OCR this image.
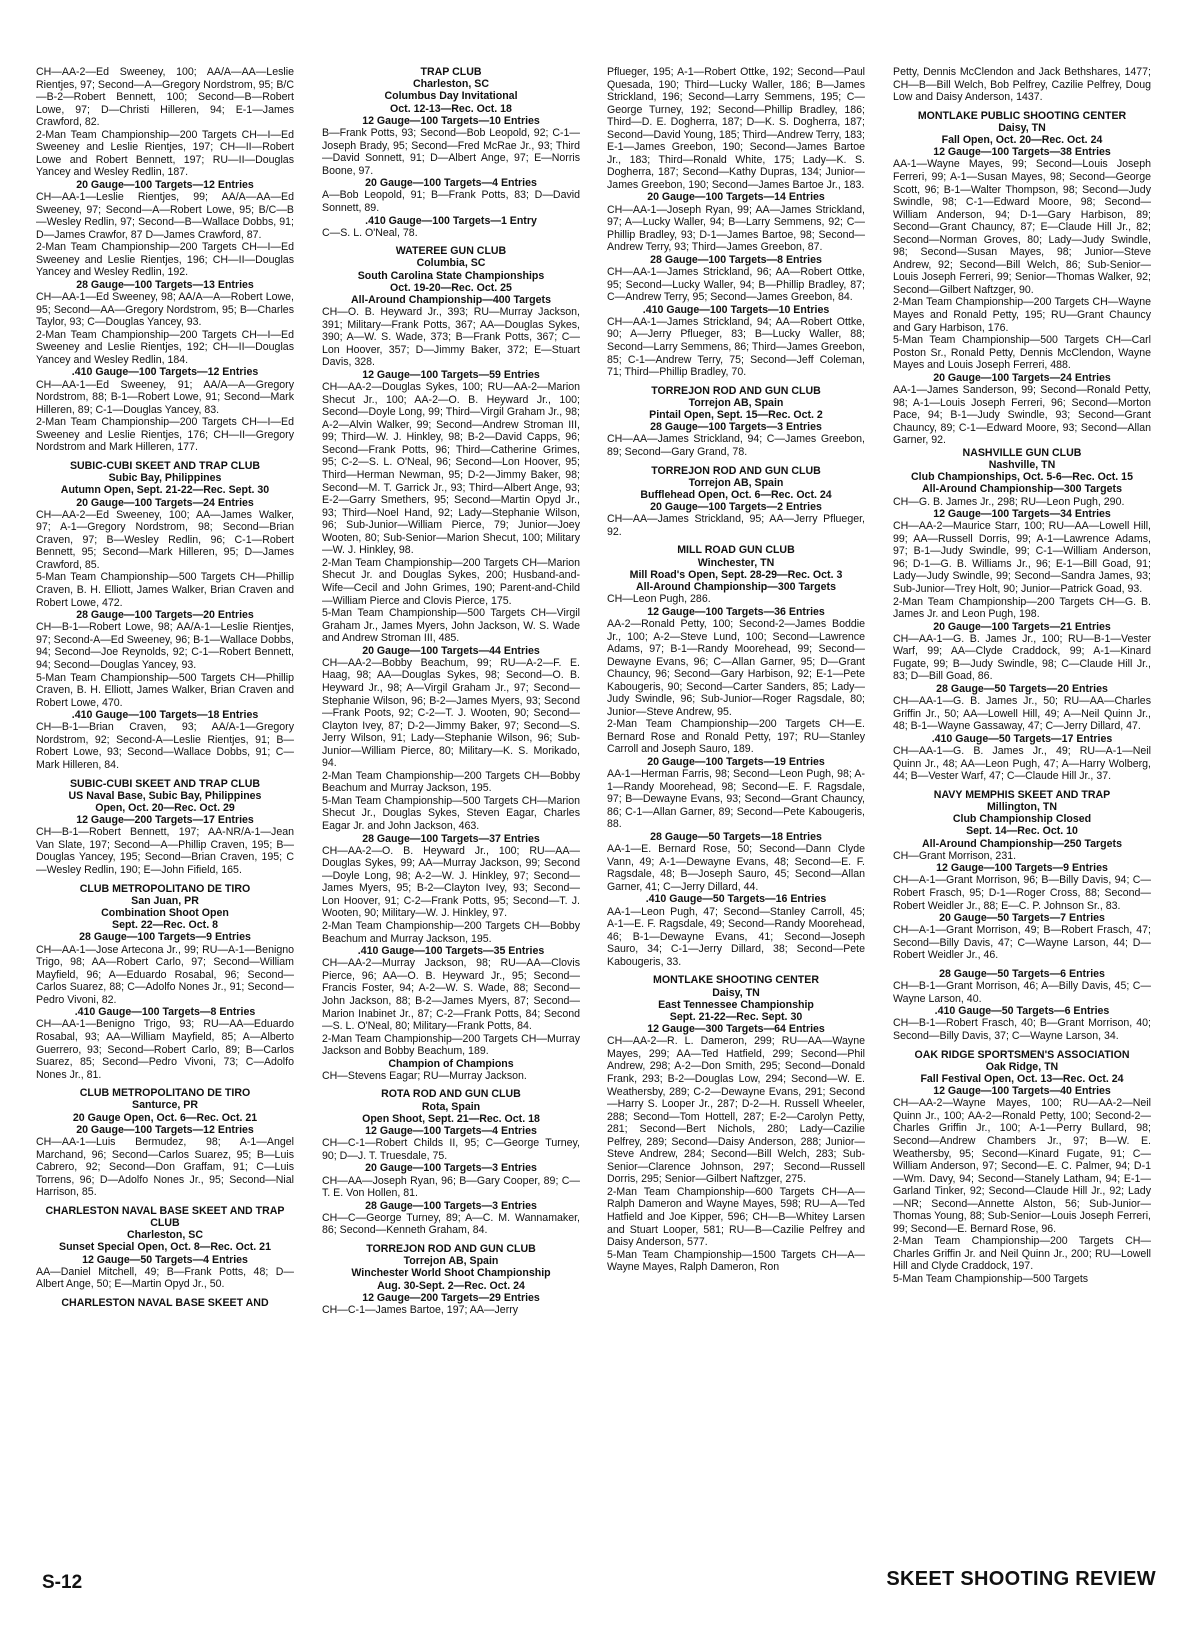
CH—AA-2—Ed Sweeney, 100; AA/A—AA—Leslie Rientjes, 97; Second—A—Gregory Nordstrom, 95; B/C—B-2—Robert Bennett, 100; Second—B—Robert Lowe, 97; D—Christi Hilleren, 94; E-1—James Crawford, 82.

2-Man Team Championship—200 Targets CH—I—Ed Sweeney and Leslie Rientjes, 197; CH—II—Robert Lowe and Robert Bennett, 197; RU—II—Douglas Yancey and Wesley Redlin, 187.

20 Gauge—100 Targets—12 Entries

CH—AA-1—Leslie Rientjes, 99; AA/A—AA—Ed Sweeney, 97; Second—A—Robert Lowe, 95; B/C—B—Wesley Redlin, 97; Second—B—Wallace Dobbs, 91; D—James Crawfor, 87 D—James Crawford, 87.

2-Man Team Championship—200 Targets CH—I—Ed Sweeney and Leslie Rientjes, 196; CH—II—Douglas Yancey and Wesley Redlin, 192.

28 Gauge—100 Targets—13 Entries

CH—AA-1—Ed Sweeney, 98; AA/A—A—Robert Lowe, 95; Second—AA—Gregory Nordstrom, 95; B—Charles Taylor, 93; C—Douglas Yancey, 93.

2-Man Team Championship—200 Targets CH—I—Ed Sweeney and Leslie Rientjes, 192; CH—II—Douglas Yancey and Wesley Redlin, 184.

.410 Gauge—100 Targets—12 Entries

CH—AA-1—Ed Sweeney, 91; AA/A—A—Gregory Nordstrom, 88; B-1—Robert Lowe, 91; Second—Mark Hilleren, 89; C-1—Douglas Yancey, 83.

2-Man Team Championship—200 Targets CH—I—Ed Sweeney and Leslie Rientjes, 176; CH—II—Gregory Nordstrom and Mark Hilleren, 177.

SUBIC-CUBI SKEET AND TRAP CLUB

Subic Bay, Philippines

Autumn Open, Sept. 21-22—Rec. Sept. 30

20 Gauge—100 Targets—24 Entries

CH—AA-2—Ed Sweeney, 100; AA—James Walker, 97; A-1—Gregory Nordstrom, 98; Second—Brian Craven, 97; B—Wesley Redlin, 96; C-1—Robert Bennett, 95; Second—Mark Hilleren, 95; D—James Crawford, 85.

5-Man Team Championship—500 Targets CH—Phillip Craven, B. H. Elliott, James Walker, Brian Craven and Robert Lowe, 472.

28 Gauge—100 Targets—20 Entries

CH—B-1—Robert Lowe, 98; AA/A-1—Leslie Rientjes, 97; Second-A—Ed Sweeney, 96; B-1—Wallace Dobbs, 94; Second—Joe Reynolds, 92; C-1—Robert Bennett, 94; Second—Douglas Yancey, 93.

5-Man Team Championship—500 Targets CH—Phillip Craven, B. H. Elliott, James Walker, Brian Craven and Robert Lowe, 470.

.410 Gauge—100 Targets—18 Entries

CH—B-1—Brian Craven, 93; AA/A-1—Gregory Nordstrom, 92; Second-A—Leslie Rientjes, 91; B—Robert Lowe, 93; Second—Wallace Dobbs, 91; C—Mark Hilleren, 84.

SUBIC-CUBI SKEET AND TRAP CLUB

US Naval Base, Subic Bay, Philippines

Open, Oct. 20—Rec. Oct. 29

12 Gauge—200 Targets—17 Entries

CH—B-1—Robert Bennett, 197; AA-NR/A-1—Jean Van Slate, 197; Second—A—Phillip Craven, 195; B—Douglas Yancey, 195; Second—Brian Craven, 195; C—Wesley Redlin, 190; E—John Fifield, 165.

CLUB METROPOLITANO DE TIRO

San Juan, PR

Combination Shoot Open

Sept. 22—Rec. Oct. 8

28 Gauge—100 Targets—9 Entries

CH—AA-1—Jose Artecona Jr., 99; RU—A-1—Benigno Trigo, 98; AA—Robert Carlo, 97; Second—William Mayfield, 96; A—Eduardo Rosabal, 96; Second—Carlos Suarez, 88; C—Adolfo Nones Jr., 91; Second—Pedro Vivoni, 82.

.410 Gauge—100 Targets—8 Entries

CH—AA-1—Benigno Trigo, 93; RU—AA—Eduardo Rosabal, 93; AA—William Mayfield, 85; A—Alberto Guerrero, 93; Second—Robert Carlo, 89; B—Carlos Suarez, 85; Second—Pedro Vivoni, 73; C—Adolfo Nones Jr., 81.

CLUB METROPOLITANO DE TIRO

Santurce, PR

20 Gauge Open, Oct. 6—Rec. Oct. 21

20 Gauge—100 Targets—12 Entries

CH—AA-1—Luis Bermudez, 98; A-1—Angel Marchand, 96; Second—Carlos Suarez, 95; B—Luis Cabrero, 92; Second—Don Graffam, 91; C—Luis Torrens, 96; D—Adolfo Nones Jr., 95; Second—Nial Harrison, 85.

CHARLESTON NAVAL BASE SKEET AND TRAP CLUB

Charleston, SC

Sunset Special Open, Oct. 8—Rec. Oct. 21

12 Gauge—50 Targets—4 Entries

AA—Daniel Mitchell, 49; B—Frank Potts, 48; D—Albert Ange, 50; E—Martin Opyd Jr., 50.

CHARLESTON NAVAL BASE SKEET AND

TRAP CLUB

Charleston, SC

Columbus Day Invitational

Oct. 12-13—Rec. Oct. 18

12 Gauge—100 Targets—10 Entries

B—Frank Potts, 93; Second—Bob Leopold, 92; C-1—Joseph Brady, 95; Second—Fred McRae Jr., 93; Third—David Sonnett, 91; D—Albert Ange, 97; E—Norris Boone, 97.

20 Gauge—100 Targets—4 Entries

A—Bob Leopold, 91; B—Frank Potts, 83; D—David Sonnett, 89.

.410 Gauge—100 Targets—1 Entry

C—S. L. O'Neal, 78.

WATEREE GUN CLUB

Columbia, SC

South Carolina State Championships

Oct. 19-20—Rec. Oct. 25

All-Around Championship—400 Targets

CH—O. B. Heyward Jr., 393; RU—Murray Jackson, 391; Military—Frank Potts, 367; AA—Douglas Sykes, 390; A—W. S. Wade, 373; B—Frank Potts, 367; C—Lon Hoover, 357; D—Jimmy Baker, 372; E—Stuart Davis, 328.

12 Gauge—100 Targets—59 Entries

CH—AA-2—Douglas Sykes, 100; RU—AA-2—Marion Shecut Jr., 100; AA-2—O. B. Heyward Jr., 100; Second—Doyle Long, 99; Third—Virgil Graham Jr., 98; A-2—Alvin Walker, 99; Second—Andrew Stroman III, 99; Third—W. J. Hinkley, 98; B-2—David Capps, 96; Second—Frank Potts, 96; Third—Catherine Grimes, 95; C-2—S. L. O'Neal, 96; Second—Lon Hoover, 95; Third—Herman Newman, 95; D-2—Jimmy Baker, 98; Second—M. T. Garrick Jr., 93; Third—Albert Ange, 93; E-2—Garry Smethers, 95; Second—Martin Opyd Jr., 93; Third—Noel Hand, 92; Lady—Stephanie Wilson, 96; Sub-Junior—William Pierce, 79; Junior—Joey Wooten, 80; Sub-Senior—Marion Shecut, 100; Military—W. J. Hinkley, 98.

2-Man Team Championship—200 Targets CH—Marion Shecut Jr. and Douglas Sykes, 200; Husband-and-Wife—Cecil and John Grimes, 190; Parent-and-Child—William Pierce and Clovis Pierce, 175.

5-Man Team Championship—500 Targets CH—Virgil Graham Jr., James Myers, John Jackson, W. S. Wade and Andrew Stroman III, 485.

20 Gauge—100 Targets—44 Entries

CH—AA-2—Bobby Beachum, 99; RU—A-2—F. E. Haag, 98; AA—Douglas Sykes, 98; Second—O. B. Heyward Jr., 98; A—Virgil Graham Jr., 97; Second—Stephanie Wilson, 96; B-2—James Myers, 93; Second—Frank Poots, 92; C-2—T. J. Wooten, 90; Second—Clayton Ivey, 87; D-2—Jimmy Baker, 97; Second—S. Jerry Wilson, 91; Lady—Stephanie Wilson, 96; Sub-Junior—William Pierce, 80; Military—K. S. Morikado, 94.

2-Man Team Championship—200 Targets CH—Bobby Beachum and Murray Jackson, 195.

5-Man Team Championship—500 Targets CH—Marion Shecut Jr., Douglas Sykes, Steven Eagar, Charles Eagar Jr. and John Jackson, 463.

28 Gauge—100 Targets—37 Entries

CH—AA-2—O. B. Heyward Jr., 100; RU—AA—Douglas Sykes, 99; AA—Murray Jackson, 99; Second—Doyle Long, 98; A-2—W. J. Hinkley, 97; Second—James Myers, 95; B-2—Clayton Ivey, 93; Second—Lon Hoover, 91; C-2—Frank Potts, 95; Second—T. J. Wooten, 90; Military—W. J. Hinkley, 97.

2-Man Team Championship—200 Targets CH—Bobby Beachum and Murray Jackson, 195.

.410 Gauge—100 Targets—35 Entries

CH—AA-2—Murray Jackson, 98; RU—AA—Clovis Pierce, 96; AA—O. B. Heyward Jr., 95; Second—Francis Foster, 94; A-2—W. S. Wade, 88; Second—John Jackson, 88; B-2—James Myers, 87; Second—Marion Inabinet Jr., 87; C-2—Frank Potts, 84; Second—S. L. O'Neal, 80; Military—Frank Potts, 84.

2-Man Team Championship—200 Targets CH—Murray Jackson and Bobby Beachum, 189.

Champion of Champions

CH—Stevens Eagar; RU—Murray Jackson.

ROTA ROD AND GUN CLUB

Rota, Spain

Open Shoot, Sept. 21—Rec. Oct. 18

12 Gauge—100 Targets—4 Entries

CH—C-1—Robert Childs II, 95; C—George Turney, 90; D—J. T. Truesdale, 75.

20 Gauge—100 Targets—3 Entries

CH—AA—Joseph Ryan, 96; B—Gary Cooper, 89; C—T. E. Von Hollen, 81.

28 Gauge—100 Targets—3 Entries

CH—C—George Turney, 89; A—C. M. Wannamaker, 86; Second—Kenneth Graham, 84.

TORREJON ROD AND GUN CLUB

Torrejon AB, Spain

Winchester World Shoot Championship

Aug. 30-Sept. 2—Rec. Oct. 24

12 Gauge—200 Targets—29 Entries

CH—C-1—James Bartoe, 197; AA—Jerry

Pflueger, 195; A-1—Robert Ottke, 192; Second—Paul Quesada, 190; Third—Lucky Waller, 186; B—James Strickland, 196; Second—Larry Semmens, 195; C—George Turney, 192; Second—Phillip Bradley, 186; Third—D. E. Dogherra, 187; D—K. S. Dogherra, 187; Second—David Young, 185; Third—Andrew Terry, 183; E-1—James Greebon, 190; Second—James Bartoe Jr., 183; Third—Ronald White, 175; Lady—K. S. Dogherra, 187; Second—Kathy Dupras, 134; Junior—James Greebon, 190; Second—James Bartoe Jr., 183.

20 Gauge—100 Targets—14 Entries

CH—AA-1—Joseph Ryan, 99; AA—James Strickland, 97; A—Lucky Waller, 94; B—Larry Semmens, 92; C—Phillip Bradley, 93; D-1—James Bartoe, 98; Second—Andrew Terry, 93; Third—James Greebon, 87.

28 Gauge—100 Targets—8 Entries

CH—AA-1—James Strickland, 96; AA—Robert Ottke, 95; Second—Lucky Waller, 94; B—Phillip Bradley, 87; C—Andrew Terry, 95; Second—James Greebon, 84.

.410 Gauge—100 Targets—10 Entries

CH—AA-1—James Strickland, 94; AA—Robert Ottke, 90; A—Jerry Pflueger, 83; B—Lucky Waller, 88; Second—Larry Semmens, 86; Third—James Greebon, 85; C-1—Andrew Terry, 75; Second—Jeff Coleman, 71; Third—Phillip Bradley, 70.

TORREJON ROD AND GUN CLUB

Torrejon AB, Spain

Pintail Open, Sept. 15—Rec. Oct. 2

28 Gauge—100 Targets—3 Entries

CH—AA—James Strickland, 94; C—James Greebon, 89; Second—Gary Grand, 78.

TORREJON ROD AND GUN CLUB

Torrejon AB, Spain

Bufflehead Open, Oct. 6—Rec. Oct. 24

20 Gauge—100 Targets—2 Entries

CH—AA—James Strickland, 95; AA—Jerry Pflueger, 92.

MILL ROAD GUN CLUB

Winchester, TN

Mill Road's Open, Sept. 28-29—Rec. Oct. 3

All-Around Championship—300 Targets

CH—Leon Pugh, 286.

12 Gauge—100 Targets—36 Entries

AA-2—Ronald Petty, 100; Second-2—James Boddie Jr., 100; A-2—Steve Lund, 100; Second—Lawrence Adams, 97; B-1—Randy Moorehead, 99; Second—Dewayne Evans, 96; C—Allan Garner, 95; D—Grant Chauncy, 96; Second—Gary Harbison, 92; E-1—Pete Kabougeris, 90; Second—Carter Sanders, 85; Lady—Judy Swindle, 96; Sub-Junior—Roger Ragsdale, 80; Junior—Steve Andrew, 95.

2-Man Team Championship—200 Targets CH—E. Bernard Rose and Ronald Petty, 197; RU—Stanley Carroll and Joseph Sauro, 189.

20 Gauge—100 Targets—19 Entries

AA-1—Herman Farris, 98; Second—Leon Pugh, 98; A-1—Randy Moorehead, 98; Second—E. F. Ragsdale, 97; B—Dewayne Evans, 93; Second—Grant Chauncy, 86; C-1—Allan Garner, 89; Second—Pete Kabougeris, 88.

28 Gauge—50 Targets—18 Entries

AA-1—E. Bernard Rose, 50; Second—Dann Clyde Vann, 49; A-1—Dewayne Evans, 48; Second—E. F. Ragsdale, 48; B—Joseph Sauro, 45; Second—Allan Garner, 41; C—Jerry Dillard, 44.

.410 Gauge—50 Targets—16 Entries

AA-1—Leon Pugh, 47; Second—Stanley Carroll, 45; A-1—E. F. Ragsdale, 49; Second—Randy Moorehead, 46; B-1—Dewayne Evans, 41; Second—Joseph Sauro, 34; C-1—Jerry Dillard, 38; Second—Pete Kabougeris, 33.

MONTLAKE SHOOTING CENTER

Daisy, TN

East Tennessee Championship

Sept. 21-22—Rec. Sept. 30

12 Gauge—300 Targets—64 Entries

CH—AA-2—R. L. Dameron, 299; RU—AA—Wayne Mayes, 299; AA—Ted Hatfield, 299; Second—Phil Andrew, 298; A-2—Don Smith, 295; Second—Donald Frank, 293; B-2—Douglas Low, 294; Second—W. E. Weathersby, 289; C-2—Dewayne Evans, 291; Second—Harry S. Looper Jr., 287; D-2—H. Russell Wheeler, 288; Second—Tom Hottell, 287; E-2—Carolyn Petty, 281; Second—Bert Nichols, 280; Lady—Cazilie Pelfrey, 289; Second—Daisy Anderson, 288; Junior—Steve Andrew, 284; Second—Bill Welch, 283; Sub-Senior—Clarence Johnson, 297; Second—Russell Dorris, 295; Senior—Gilbert Naftzger, 275.

2-Man Team Championship—600 Targets CH—A—Ralph Dameron and Wayne Mayes, 598; RU—A—Ted Hatfield and Joe Kipper, 596; CH—B—Whitey Larsen and Stuart Looper, 581; RU—B—Cazilie Pelfrey and Daisy Anderson, 577.

5-Man Team Championship—1500 Targets CH—A—Wayne Mayes, Ralph Dameron, Ron

Petty, Dennis McClendon and Jack Bethshares, 1477; CH—B—Bill Welch, Bob Pelfrey, Cazilie Pelfrey, Doug Low and Daisy Anderson, 1437.

MONTLAKE PUBLIC SHOOTING CENTER

Daisy, TN

Fall Open, Oct. 20—Rec. Oct. 24

12 Gauge—100 Targets—38 Entries

AA-1—Wayne Mayes, 99; Second—Louis Joseph Ferreri, 99; A-1—Susan Mayes, 98; Second—George Scott, 96; B-1—Walter Thompson, 98; Second—Judy Swindle, 98; C-1—Edward Moore, 98; Second—William Anderson, 94; D-1—Gary Harbison, 89; Second—Grant Chauncy, 87; E—Claude Hill Jr., 82; Second—Norman Groves, 80; Lady—Judy Swindle, 98; Second—Susan Mayes, 98; Junior—Steve Andrew, 92; Second—Bill Welch, 86; Sub-Senior—Louis Joseph Ferreri, 99; Senior—Thomas Walker, 92; Second—Gilbert Naftzger, 90.

2-Man Team Championship—200 Targets CH—Wayne Mayes and Ronald Petty, 195; RU—Grant Chauncy and Gary Harbison, 176.

5-Man Team Championship—500 Targets CH—Carl Poston Sr., Ronald Petty, Dennis McClendon, Wayne Mayes and Louis Joseph Ferreri, 488.

20 Gauge—100 Targets—24 Entries

AA-1—James Sanderson, 99; Second—Ronald Petty, 98; A-1—Louis Joseph Ferreri, 96; Second—Morton Pace, 94; B-1—Judy Swindle, 93; Second—Grant Chauncy, 89; C-1—Edward Moore, 93; Second—Allan Garner, 92.

NASHVILLE GUN CLUB

Nashville, TN

Club Championships, Oct. 5-6—Rec. Oct. 15

All-Around Championship—300 Targets

CH—G. B. James Jr., 298; RU—Leon Pugh, 290.

12 Gauge—100 Targets—34 Entries

CH—AA-2—Maurice Starr, 100; RU—AA—Lowell Hill, 99; AA—Russell Dorris, 99; A-1—Lawrence Adams, 97; B-1—Judy Swindle, 99; C-1—William Anderson, 96; D-1—G. B. Williams Jr., 96; E-1—Bill Goad, 91; Lady—Judy Swindle, 99; Second—Sandra James, 93; Sub-Junior—Trey Holt, 90; Junior—Patrick Goad, 93.

2-Man Team Championship—200 Targets CH—G. B. James Jr. and Leon Pugh, 198.

20 Gauge—100 Targets—21 Entries

CH—AA-1—G. B. James Jr., 100; RU—B-1—Vester Warf, 99; AA—Clyde Craddock, 99; A-1—Kinard Fugate, 99; B—Judy Swindle, 98; C—Claude Hill Jr., 83; D—Bill Goad, 86.

28 Gauge—50 Targets—20 Entries

CH—AA-1—G. B. James Jr., 50; RU—AA—Charles Griffin Jr., 50; AA—Lowell Hill, 49; A—Neil Quinn Jr., 48; B-1—Wayne Gassaway, 47; C—Jerry Dillard, 47.

.410 Gauge—50 Targets—17 Entries

CH—AA-1—G. B. James Jr., 49; RU—A-1—Neil Quinn Jr., 48; AA—Leon Pugh, 47; A—Harry Wolberg, 44; B—Vester Warf, 47; C—Claude Hill Jr., 37.

NAVY MEMPHIS SKEET AND TRAP

Millington, TN

Club Championship Closed

Sept. 14—Rec. Oct. 10

All-Around Championship—250 Targets

CH—Grant Morrison, 231.

12 Gauge—100 Targets—9 Entries

CH—A-1—Grant Morrison, 96; B—Billy Davis, 94; C—Robert Frasch, 95; D-1—Roger Cross, 88; Second—Robert Weidler Jr., 88; E—C. P. Johnson Sr., 83.

20 Gauge—50 Targets—7 Entries

CH—A-1—Grant Morrison, 49; B—Robert Frasch, 47; Second—Billy Davis, 47; C—Wayne Larson, 44; D—Robert Weidler Jr., 46.

28 Gauge—50 Targets—6 Entries

CH—B-1—Grant Morrison, 46; A—Billy Davis, 45; C—Wayne Larson, 40.

.410 Gauge—50 Targets—6 Entries

CH—B-1—Robert Frasch, 40; B—Grant Morrison, 40; Second—Billy Davis, 37; C—Wayne Larson, 34.

OAK RIDGE SPORTSMEN'S ASSOCIATION

Oak Ridge, TN

Fall Festival Open, Oct. 13—Rec. Oct. 24

12 Gauge—100 Targets—40 Entries

CH—AA-2—Wayne Mayes, 100; RU—AA-2—Neil Quinn Jr., 100; AA-2—Ronald Petty, 100; Second-2—Charles Griffin Jr., 100; A-1—Perry Bullard, 98; Second—Andrew Chambers Jr., 97; B—W. E. Weathersby, 95; Second—Kinard Fugate, 91; C—William Anderson, 97; Second—E. C. Palmer, 94; D-1—Wm. Davy, 94; Second—Stanely Latham, 94; E-1—Garland Tinker, 92; Second—Claude Hill Jr., 92; Lady—NR; Second—Annette Alston, 56; Sub-Junior—Thomas Young, 88; Sub-Senior—Louis Joseph Ferreri, 99; Second—E. Bernard Rose, 96.

2-Man Team Championship—200 Targets CH—Charles Griffin Jr. and Neil Quinn Jr., 200; RU—Lowell Hill and Clyde Craddock, 197.

5-Man Team Championship—500 Targets

S-12	SKEET SHOOTING REVIEW
